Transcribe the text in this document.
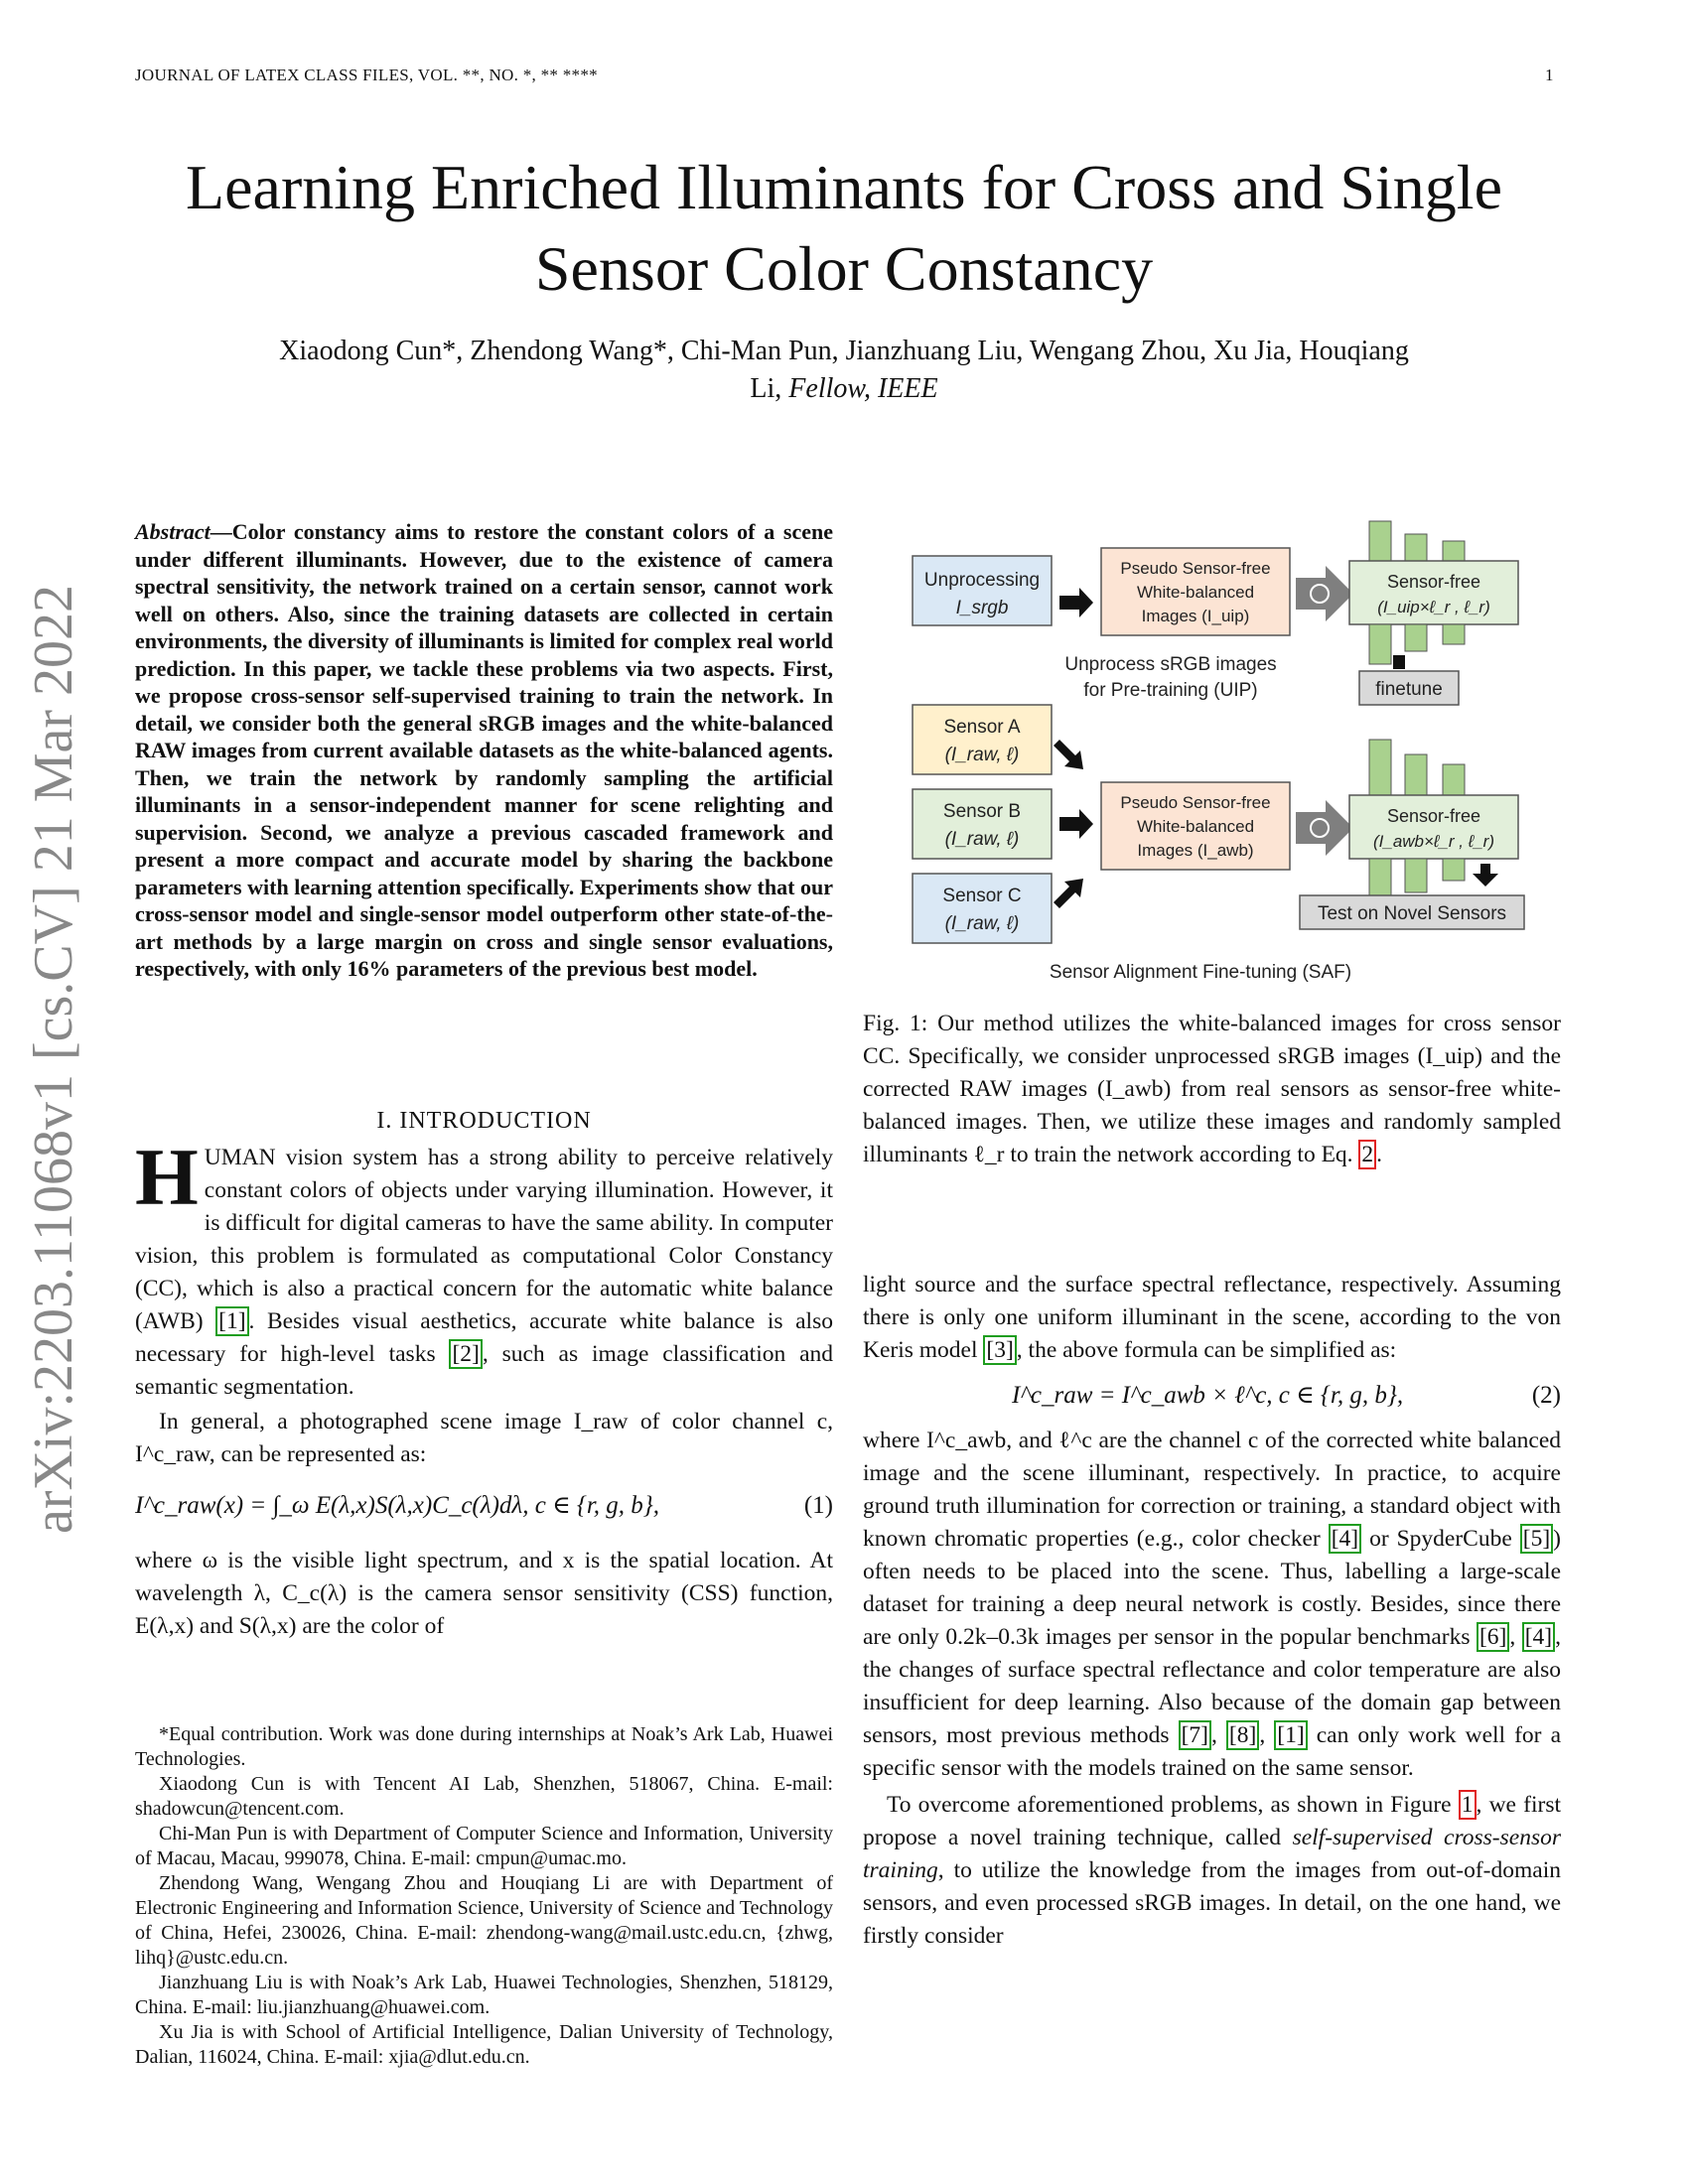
JOURNAL OF LATEX CLASS FILES, VOL. **, NO. *, ** ****	1
Learning Enriched Illuminants for Cross and Single Sensor Color Constancy
Xiaodong Cun*, Zhendong Wang*, Chi-Man Pun, Jianzhuang Liu, Wengang Zhou, Xu Jia, Houqiang
Li, Fellow, IEEE
arXiv:2203.11068v1 [cs.CV] 21 Mar 2022
Abstract—Color constancy aims to restore the constant colors of a scene under different illuminants. However, due to the existence of camera spectral sensitivity, the network trained on a certain sensor, cannot work well on others. Also, since the training datasets are collected in certain environments, the diversity of illuminants is limited for complex real world prediction. In this paper, we tackle these problems via two aspects. First, we propose cross-sensor self-supervised training to train the network. In detail, we consider both the general sRGB images and the white-balanced RAW images from current available datasets as the white-balanced agents. Then, we train the network by randomly sampling the artificial illuminants in a sensor-independent manner for scene relighting and supervision. Second, we analyze a previous cascaded framework and present a more compact and accurate model by sharing the backbone parameters with learning attention specifically. Experiments show that our cross-sensor model and single-sensor model outperform other state-of-the-art methods by a large margin on cross and single sensor evaluations, respectively, with only 16% parameters of the previous best model.
I. INTRODUCTION

HUMAN vision system has a strong ability to perceive relatively constant colors of objects under varying illumination. However, it is difficult for digital cameras to have the same ability. In computer vision, this problem is formulated as computational Color Constancy (CC), which is also a practical concern for the automatic white balance (AWB) [1] . Besides visual aesthetics, accurate white balance is also necessary for high-level tasks [2] , such as image classification and semantic segmentation.

In general, a photographed scene image I_raw of color channel c, I^c_raw, can be represented as:

I^c_raw(x) = ∫_ω E(λ,x)S(λ,x)C_c(λ)dλ, c ∈ {r, g, b},	(1)

where ω is the visible light spectrum, and x is the spatial location. At wavelength λ, C_c(λ) is the camera sensor sensitivity (CSS) function, E(λ,x) and S(λ,x) are the color of

*Equal contribution. Work was done during internships at Noak’s Ark Lab, Huawei Technologies.

Xiaodong Cun is with Tencent AI Lab, Shenzhen, 518067, China. E-mail: shadowcun@tencent.com.

Chi-Man Pun is with Department of Computer Science and Information, University of Macau, Macau, 999078, China. E-mail: cmpun@umac.mo.

Zhendong Wang, Wengang Zhou and Houqiang Li are with Department of Electronic Engineering and Information Science, University of Science and Technology of China, Hefei, 230026, China. E-mail: zhendong-wang@mail.ustc.edu.cn, {zhwg, lihq}@ustc.edu.cn.

Jianzhuang Liu is with Noak’s Ark Lab, Huawei Technologies, Shenzhen, 518129, China. E-mail: liu.jianzhuang@huawei.com.

Xu Jia is with School of Artificial Intelligence, Dalian University of Technology, Dalian, 116024, China. E-mail: xjia@dlut.edu.cn.

Unprocessing
I_srgb
Pseudo Sensor-free
White-balanced
Images (I_uip)
Sensor-free
(I_uip×ℓ_r , ℓ_r)
Unprocess sRGB images
for Pre-training (UIP)	finetune
Sensor A
(I_raw, ℓ)
Sensor B
(I_raw, ℓ)
Sensor C
(I_raw, ℓ)
Pseudo Sensor-free
White-balanced
Images (I_awb)
Sensor-free
(I_awb×ℓ_r , ℓ_r)
Test on Novel Sensors
Sensor Alignment Fine-tuning (SAF)
Fig. 1: Our method utilizes the white-balanced images for cross sensor CC. Specifically, we consider unprocessed sRGB images (I_uip) and the corrected RAW images (I_awb) from real sensors as sensor-free white-balanced images. Then, we utilize these images and randomly sampled illuminants ℓ_r to train the network according to Eq. 2 .

light source and the surface spectral reflectance, respectively. Assuming there is only one uniform illuminant in the scene, according to the von Keris model [3] , the above formula can be simplified as:

I^c_raw = I^c_awb × ℓ^c, c ∈ {r, g, b},	(2)

where I^c_awb, and ℓ^c are the channel c of the corrected white balanced image and the scene illuminant, respectively. In practice, to acquire ground truth illumination for correction or training, a standard object with known chromatic properties (e.g., color checker [4] or SpyderCube [5] ) often needs to be placed into the scene. Thus, labelling a large-scale dataset for training a deep neural network is costly. Besides, since there are only 0.2k–0.3k images per sensor in the popular benchmarks [6] , [4] , the changes of surface spectral reflectance and color temperature are also insufficient for deep learning. Also because of the domain gap between sensors, most previous methods [7] , [8] , [1] can only work well for a specific sensor with the models trained on the same sensor.

To overcome aforementioned problems, as shown in Figure 1 , we first propose a novel training technique, called self-supervised cross-sensor training, to utilize the knowledge from the images from out-of-domain sensors, and even processed sRGB images. In detail, on the one hand, we firstly consider
